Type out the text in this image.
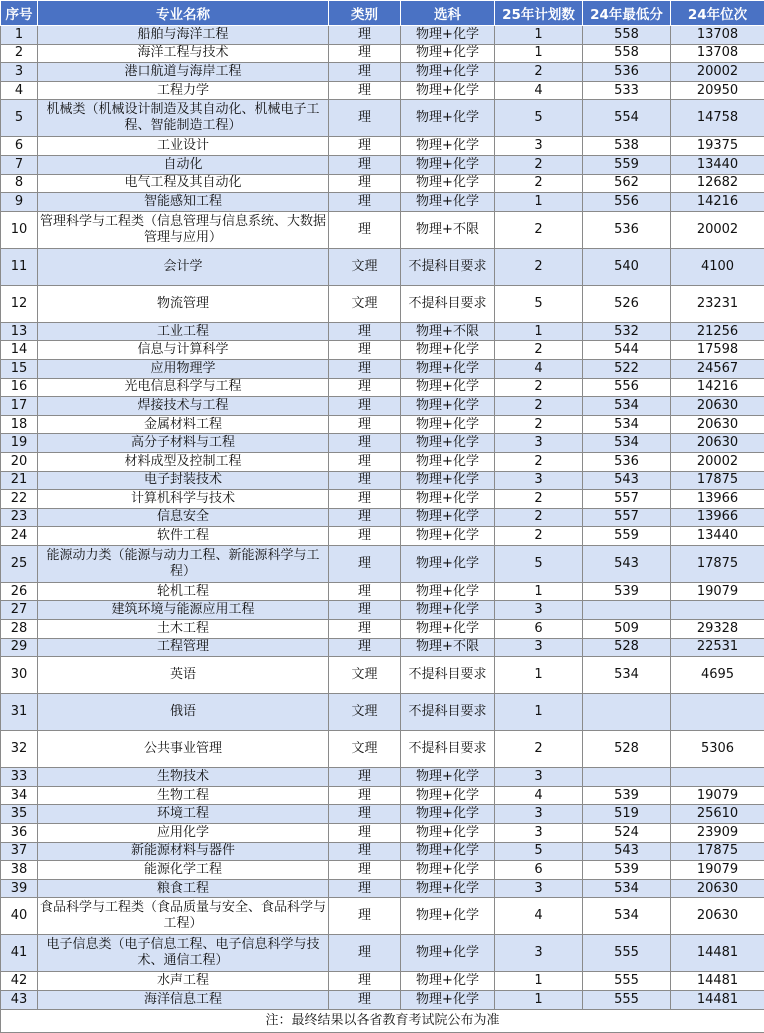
序号	专业名称	类别	选科	25年计划数	24年最低分	24年位次
1	船舶与海洋工程	理	物理+化学	1	558	13708
2	海洋工程与技术	理	物理+化学	1	558	13708
3	港口航道与海岸工程	理	物理+化学	2	536	20002
4	工程力学	理	物理+化学	4	533	20950
5	机械类（机械设计制造及其自动化、机械电子工程、智能制造工程）	理	物理+化学	5	554	14758
6	工业设计	理	物理+化学	3	538	19375
7	自动化	理	物理+化学	2	559	13440
8	电气工程及其自动化	理	物理+化学	2	562	12682
9	智能感知工程	理	物理+化学	1	556	14216
10	管理科学与工程类（信息管理与信息系统、大数据管理与应用）	理	物理+不限	2	536	20002
11	会计学	文理	不提科目要求	2	540	4100
12	物流管理	文理	不提科目要求	5	526	23231
13	工业工程	理	物理+不限	1	532	21256
14	信息与计算科学	理	物理+化学	2	544	17598
15	应用物理学	理	物理+化学	4	522	24567
16	光电信息科学与工程	理	物理+化学	2	556	14216
17	焊接技术与工程	理	物理+化学	2	534	20630
18	金属材料工程	理	物理+化学	2	534	20630
19	高分子材料与工程	理	物理+化学	3	534	20630
20	材料成型及控制工程	理	物理+化学	2	536	20002
21	电子封装技术	理	物理+化学	3	543	17875
22	计算机科学与技术	理	物理+化学	2	557	13966
23	信息安全	理	物理+化学	2	557	13966
24	软件工程	理	物理+化学	2	559	13440
25	能源动力类（能源与动力工程、新能源科学与工程）	理	物理+化学	5	543	17875
26	轮机工程	理	物理+化学	1	539	19079
27	建筑环境与能源应用工程	理	物理+化学	3		
28	土木工程	理	物理+化学	6	509	29328
29	工程管理	理	物理+不限	3	528	22531
30	英语	文理	不提科目要求	1	534	4695
31	俄语	文理	不提科目要求	1		
32	公共事业管理	文理	不提科目要求	2	528	5306
33	生物技术	理	物理+化学	3		
34	生物工程	理	物理+化学	4	539	19079
35	环境工程	理	物理+化学	3	519	25610
36	应用化学	理	物理+化学	3	524	23909
37	新能源材料与器件	理	物理+化学	5	543	17875
38	能源化学工程	理	物理+化学	6	539	19079
39	粮食工程	理	物理+化学	3	534	20630
40	食品科学与工程类（食品质量与安全、食品科学与工程）	理	物理+化学	4	534	20630
41	电子信息类（电子信息工程、电子信息科学与技术、通信工程）	理	物理+化学	3	555	14481
42	水声工程	理	物理+化学	1	555	14481
43	海洋信息工程	理	物理+化学	1	555	14481
注：最终结果以各省教育考试院公布为准						
